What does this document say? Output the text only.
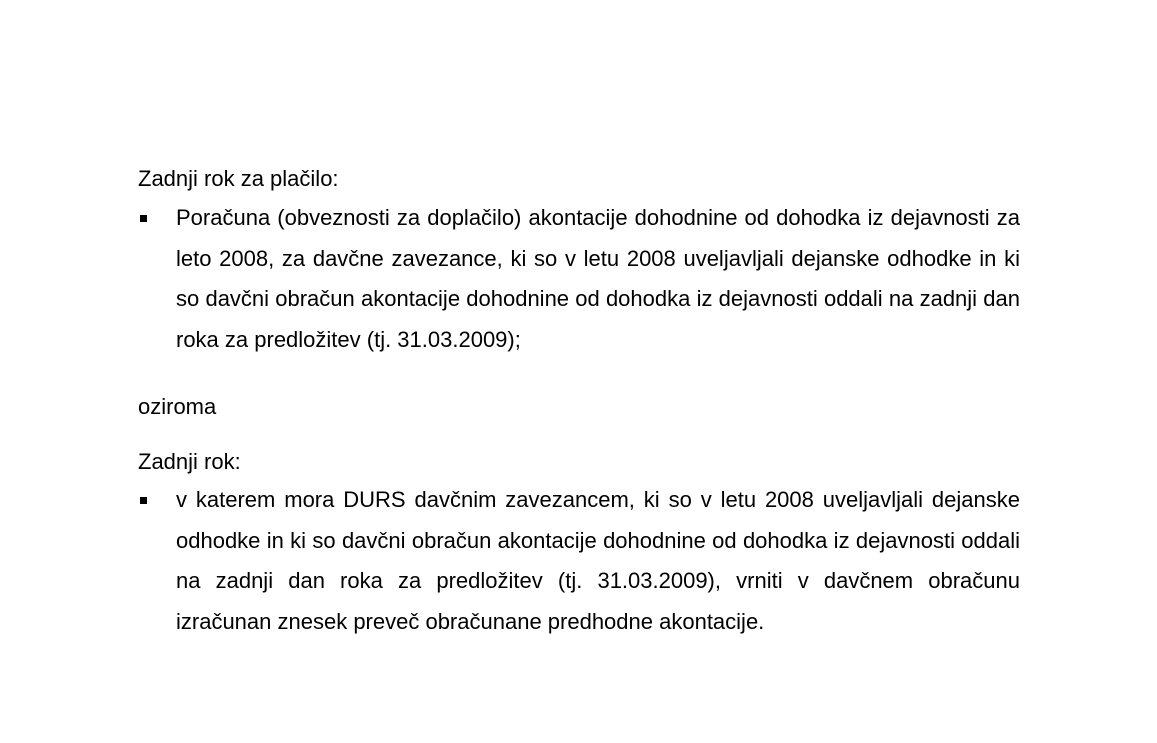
Zadnji rok za plačilo:

Poračuna (obveznosti za doplačilo) akontacije dohodnine od dohodka iz dejavnosti za leto 2008, za davčne zavezance, ki so v letu 2008 uveljavljali dejanske odhodke in ki so davčni obračun akontacije dohodnine od dohodka iz dejavnosti oddali na zadnji dan roka za predložitev (tj. 31.03.2009);

oziroma

Zadnji rok:

v katerem mora DURS davčnim zavezancem, ki so v letu 2008 uveljavljali dejanske odhodke in ki so davčni obračun akontacije dohodnine od dohodka iz dejavnosti oddali na zadnji dan roka za predložitev (tj. 31.03.2009), vrniti v davčnem obračunu izračunan znesek preveč obračunane predhodne akontacije.
